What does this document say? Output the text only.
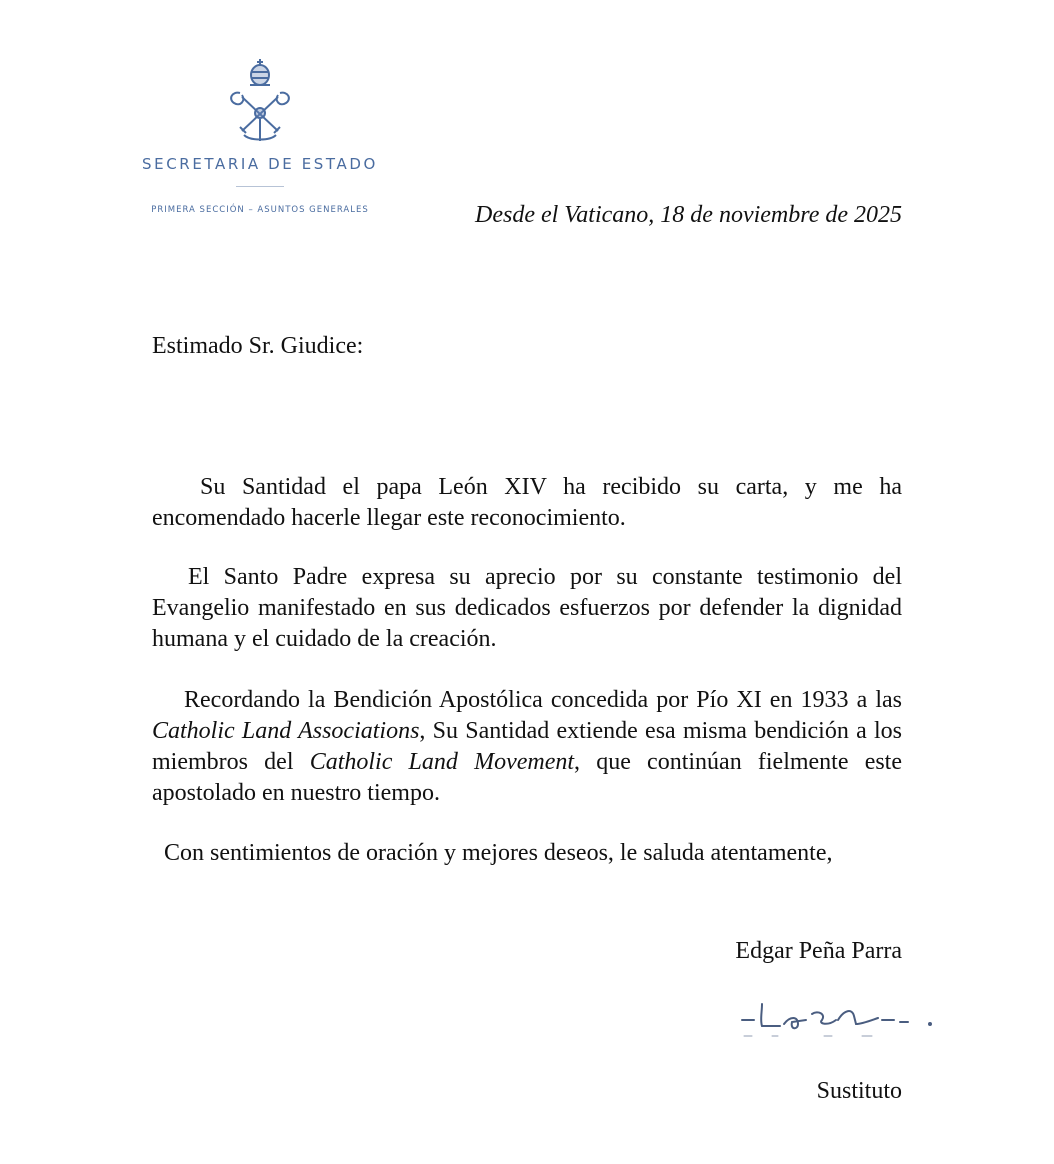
SECRETARIA DE ESTADO
PRIMERA SECCIÓN – ASUNTOS GENERALES	Desde el Vaticano, 18 de noviembre de 2025
Estimado Sr. Giudice:

Su Santidad el papa León XIV ha recibido su carta, y me ha encomendado hacerle llegar este reconocimiento.

El Santo Padre expresa su aprecio por su constante testimonio del Evangelio manifestado en sus dedicados esfuerzos por defender la dignidad humana y el cuidado de la creación.

Recordando la Bendición Apostólica concedida por Pío XI en 1933 a las Catholic Land Associations, Su Santidad extiende esa misma bendición a los miembros del Catholic Land Movement, que continúan fielmente este apostolado en nuestro tiempo.

Con sentimientos de oración y mejores deseos, le saluda atentamente,

Edgar Peña Parra
Sustituto
